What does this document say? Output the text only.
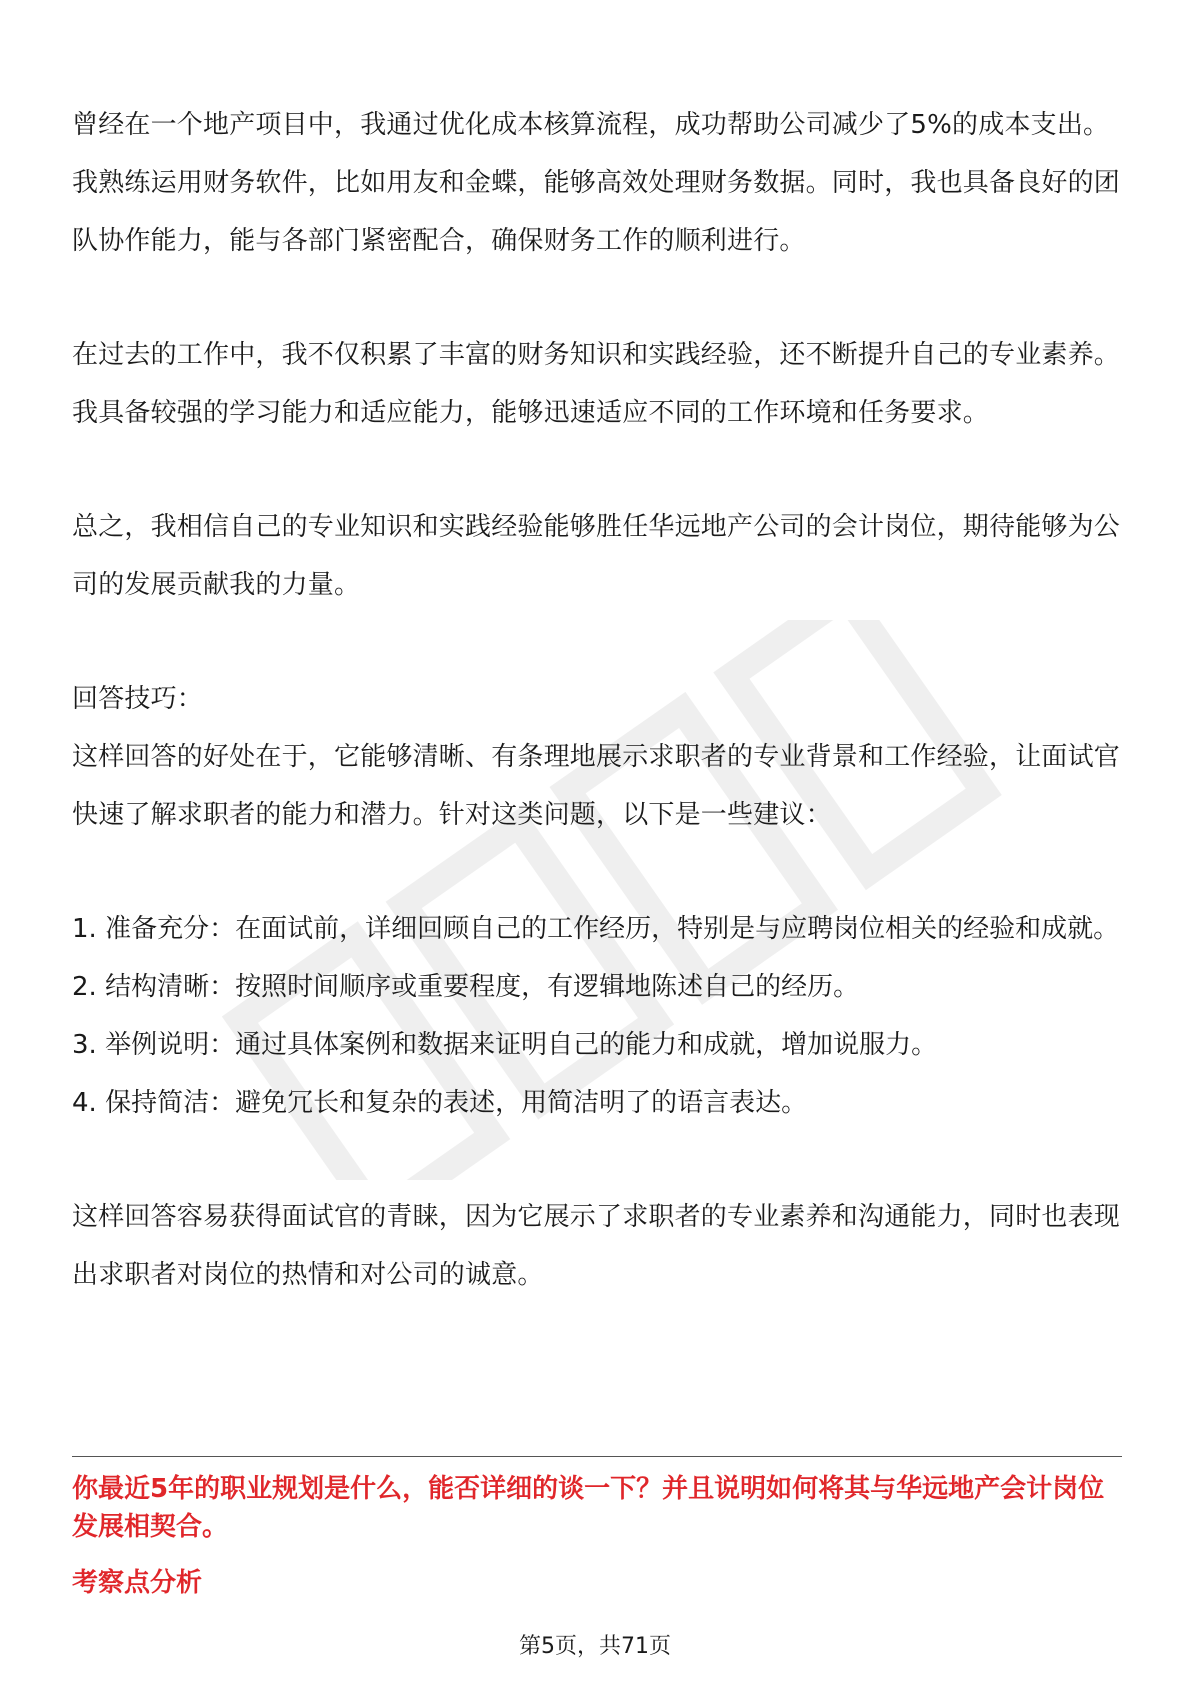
曾经在一个地产项目中，我通过优化成本核算流程，成功帮助公司减少了5%的成本支出。我熟练运用财务软件，比如用友和金蝶，能够高效处理财务数据。同时，我也具备良好的团队协作能力，能与各部门紧密配合，确保财务工作的顺利进行。

在过去的工作中，我不仅积累了丰富的财务知识和实践经验，还不断提升自己的专业素养。我具备较强的学习能力和适应能力，能够迅速适应不同的工作环境和任务要求。

总之，我相信自己的专业知识和实践经验能够胜任华远地产公司的会计岗位，期待能够为公司的发展贡献我的力量。

回答技巧：

这样回答的好处在于，它能够清晰、有条理地展示求职者的专业背景和工作经验，让面试官快速了解求职者的能力和潜力。针对这类问题，以下是一些建议：

1. 准备充分：在面试前，详细回顾自己的工作经历，特别是与应聘岗位相关的经验和成就。

2. 结构清晰：按照时间顺序或重要程度，有逻辑地陈述自己的经历。

3. 举例说明：通过具体案例和数据来证明自己的能力和成就，增加说服力。

4. 保持简洁：避免冗长和复杂的表述，用简洁明了的语言表达。

这样回答容易获得面试官的青睐，因为它展示了求职者的专业素养和沟通能力，同时也表现出求职者对岗位的热情和对公司的诚意。

你最近5年的职业规划是什么，能否详细的谈一下？并且说明如何将其与华远地产会计岗位发展相契合。

考察点分析

第5页，共71页
